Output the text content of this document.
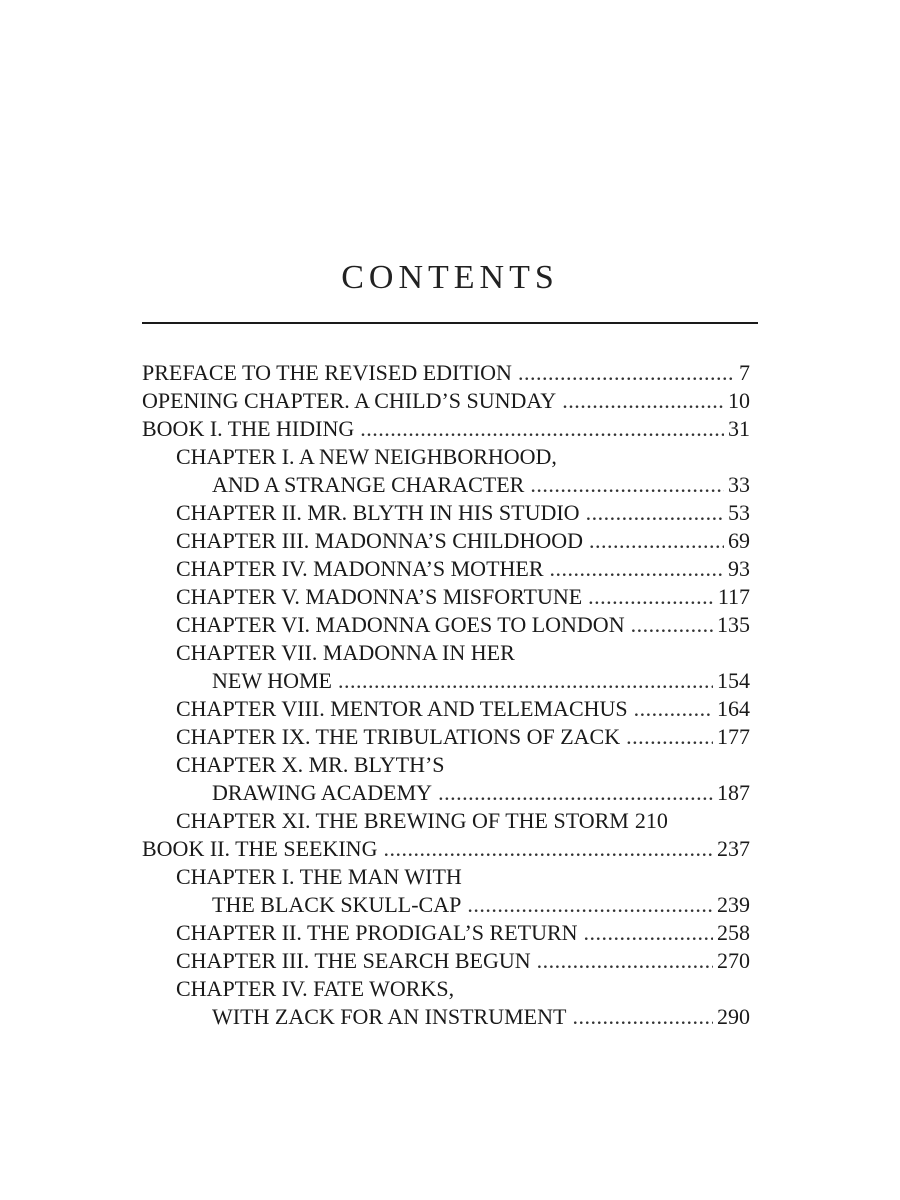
CONTENTS
PREFACE TO THE REVISED EDITION . . .	7
OPENING CHAPTER. A CHILD’S SUNDAY . . .	10
BOOK I. THE HIDING . . .	31
CHAPTER I. A NEW NEIGHBORHOOD,
AND A STRANGE CHARACTER . . .	33
CHAPTER II. MR. BLYTH IN HIS STUDIO . . .	53
CHAPTER III. MADONNA’S CHILDHOOD . . .	69
CHAPTER IV. MADONNA’S MOTHER . . .	93
CHAPTER V. MADONNA’S MISFORTUNE . . .	117
CHAPTER VI. MADONNA GOES TO LONDON . . .	135
CHAPTER VII. MADONNA IN HER
NEW HOME . . .	154
CHAPTER VIII. MENTOR AND TELEMACHUS . . .	164
CHAPTER IX. THE TRIBULATIONS OF ZACK . . .	177
CHAPTER X. MR. BLYTH’S
DRAWING ACADEMY . . .	187
CHAPTER XI. THE BREWING OF THE STORM 210
BOOK II. THE SEEKING . . .	237
CHAPTER I. THE MAN WITH
THE BLACK SKULL-CAP . . .	239
CHAPTER II. THE PRODIGAL’S RETURN . . .	258
CHAPTER III. THE SEARCH BEGUN . . .	270
CHAPTER IV. FATE WORKS,
WITH ZACK FOR AN INSTRUMENT . . .	290
